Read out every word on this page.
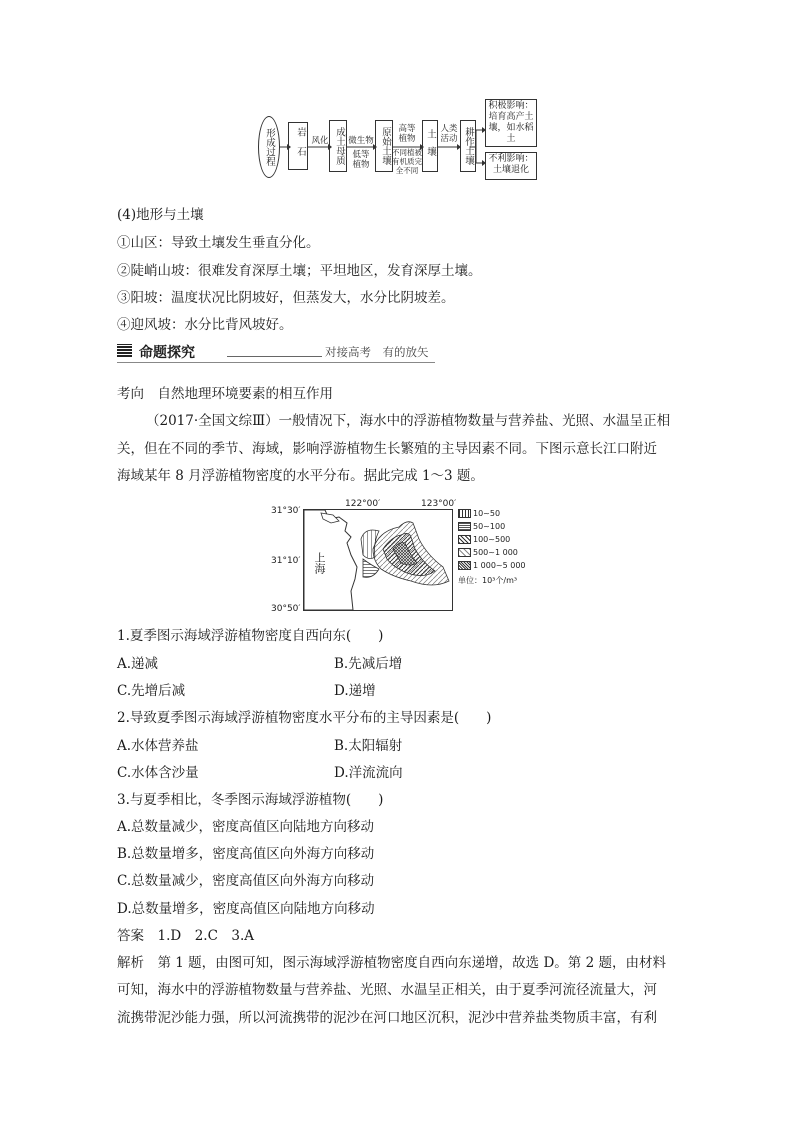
形成过程	岩石 风化 成土母质 微生物
低等植物	原始土壤 高等植物
不同植被有机质完全不同
土壤 人类活动 耕作土壤
积极影响：培育高产土壤，如水稻土
不利影响：土壤退化
(4)地形与土壤
①山区：导致土壤发生垂直分化。
②陡峭山坡：很难发育深厚土壤；平坦地区，发育深厚土壤。
③阳坡：温度状况比阴坡好，但蒸发大，水分比阴坡差。
④迎风坡：水分比背风坡好。
命题探究	对接高考　有的放矢
考向　自然地理环境要素的相互作用
（2017·全国文综Ⅲ）一般情况下，海水中的浮游植物数量与营养盐、光照、水温呈正相
关，但在不同的季节、海域，影响浮游植物生长繁殖的主导因素不同。下图示意长江口附近
海域某年 8 月浮游植物密度的水平分布。据此完成 1～3 题。
122°00′	123°00′
31°30′
31°10′
30°50′
上海
10~50
50~100
100~500
500~1 000
1 000~5 000
单位：10³个/m³
1.夏季图示海域浮游植物密度自西向东(　　)
A.递减	B.先减后增
C.先增后减	D.递增
2.导致夏季图示海域浮游植物密度水平分布的主导因素是(　　)
A.水体营养盐	B.太阳辐射
C.水体含沙量	D.洋流流向
3.与夏季相比，冬季图示海域浮游植物(　　)
A.总数量减少，密度高值区向陆地方向移动
B.总数量增多，密度高值区向外海方向移动
C.总数量减少，密度高值区向外海方向移动
D.总数量增多，密度高值区向陆地方向移动
答案　1.D　2.C　3.A
解析　第 1 题，由图可知，图示海域浮游植物密度自西向东递增，故选 D。第 2 题，由材料
可知，海水中的浮游植物数量与营养盐、光照、水温呈正相关，由于夏季河流径流量大，河
流携带泥沙能力强，所以河流携带的泥沙在河口地区沉积，泥沙中营养盐类物质丰富，有利
